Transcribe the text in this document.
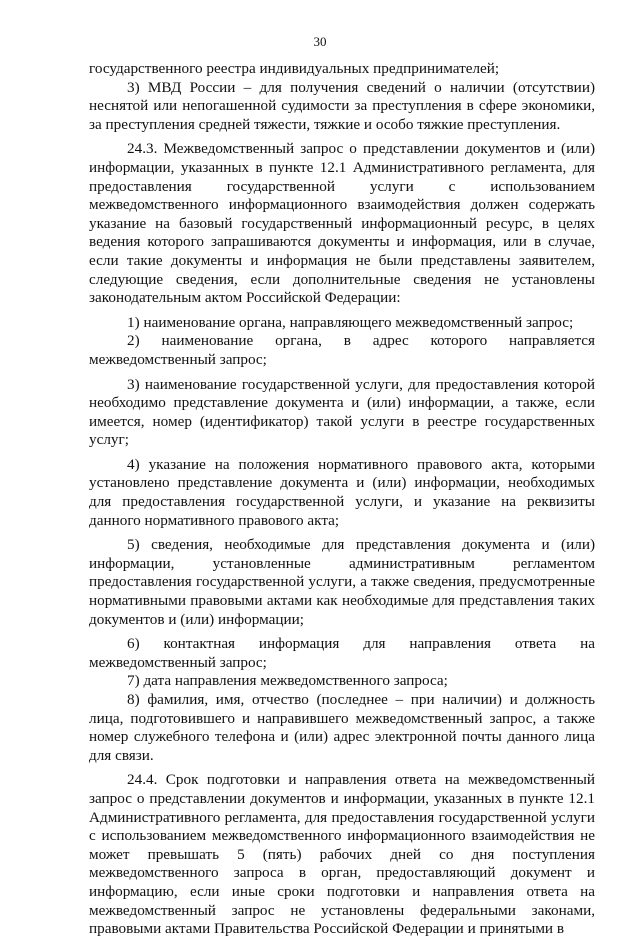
30

государственного реестра индивидуальных предпринимателей;

3) МВД России – для получения сведений о наличии (отсутствии) неснятой или непогашенной судимости за преступления в сфере экономики, за преступления средней тяжести, тяжкие и особо тяжкие преступления.

24.3. Межведомственный запрос о представлении документов и (или) информации, указанных в пункте 12.1 Административного регламента, для предоставления государственной услуги с использованием межведомственного информационного взаимодействия должен содержать указание на базовый государственный информационный ресурс, в целях ведения которого запрашиваются документы и информация, или в случае, если такие документы и информация не были представлены заявителем, следующие сведения, если дополнительные сведения не установлены законодательным актом Российской Федерации:

1) наименование органа, направляющего межведомственный запрос;

2) наименование органа, в адрес которого направляется межведомственный запрос;

3) наименование государственной услуги, для предоставления которой необходимо представление документа и (или) информации, а также, если имеется, номер (идентификатор) такой услуги в реестре государственных услуг;

4) указание на положения нормативного правового акта, которыми установлено представление документа и (или) информации, необходимых для предоставления государственной услуги, и указание на реквизиты данного нормативного правового акта;

5) сведения, необходимые для представления документа и (или) информации, установленные административным регламентом предоставления государственной услуги, а также сведения, предусмотренные нормативными правовыми актами как необходимые для представления таких документов и (или) информации;

6) контактная информация для направления ответа на межведомственный запрос;

7) дата направления межведомственного запроса;

8) фамилия, имя, отчество (последнее – при наличии) и должность лица, подготовившего и направившего межведомственный запрос, а также номер служебного телефона и (или) адрес электронной почты данного лица для связи.

24.4. Срок подготовки и направления ответа на межведомственный запрос о представлении документов и информации, указанных в пункте 12.1 Административного регламента, для предоставления государственной услуги с использованием межведомственного информационного взаимодействия не может превышать 5 (пять) рабочих дней со дня поступления межведомственного запроса в орган, предоставляющий документ и информацию, если иные сроки подготовки и направления ответа на межведомственный запрос не установлены федеральными законами, правовыми актами Правительства Российской Федерации и принятыми в
